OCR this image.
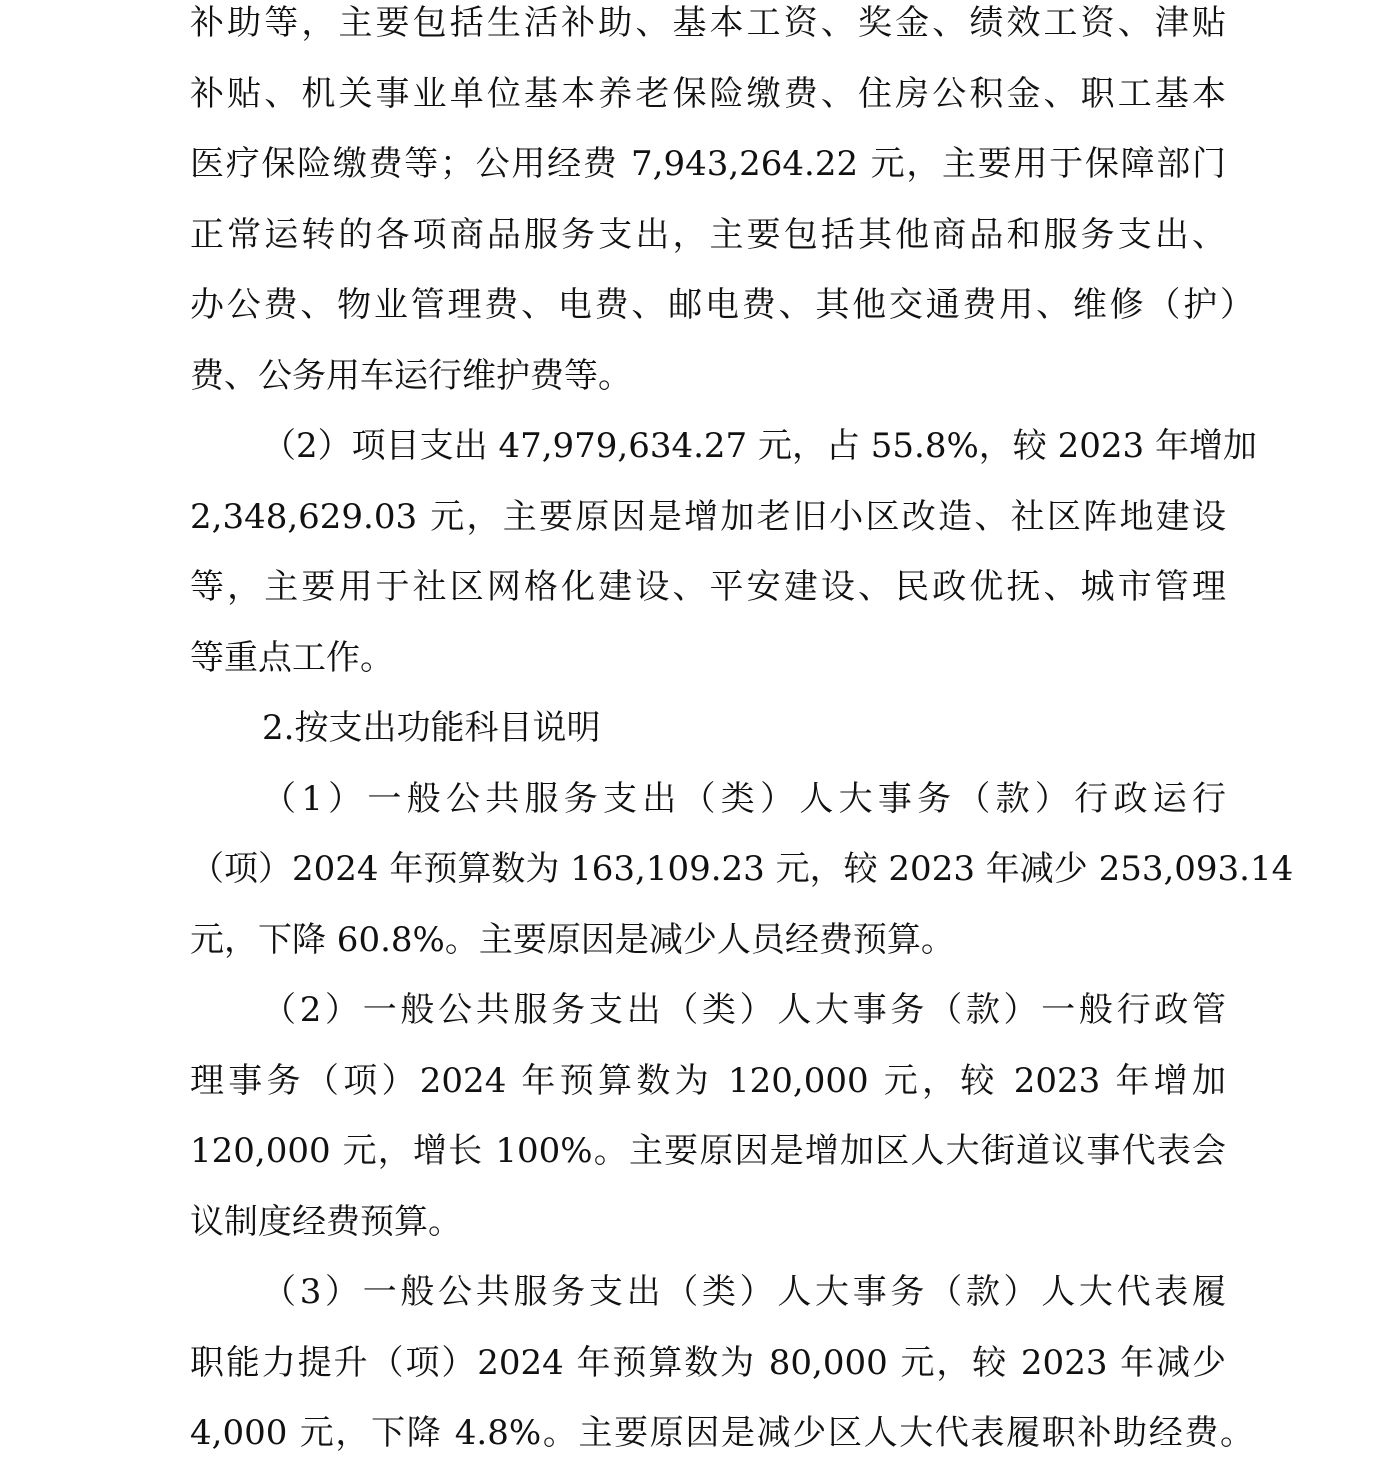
补助等，主要包括生活补助、基本工资、奖金、绩效工资、津贴
补贴、机关事业单位基本养老保险缴费、住房公积金、职工基本
医疗保险缴费等；公用经费 7,943,264.22 元，主要用于保障部门
正常运转的各项商品服务支出，主要包括其他商品和服务支出、
办公费、物业管理费、电费、邮电费、其他交通费用、维修（护）
费、公务用车运行维护费等。
（2）项目支出 47,979,634.27 元，占 55.8%，较 2023 年增加
2,348,629.03 元，主要原因是增加老旧小区改造、社区阵地建设
等，主要用于社区网格化建设、平安建设、民政优抚、城市管理
等重点工作。
2.按支出功能科目说明
（1）一般公共服务支出（类）人大事务（款）行政运行
（项）2024 年预算数为 163,109.23 元，较 2023 年减少 253,093.14
元，下降 60.8%。主要原因是减少人员经费预算。
（2）一般公共服务支出（类）人大事务（款）一般行政管
理事务（项）2024 年预算数为 120,000 元，较 2023 年增加
120,000 元，增长 100%。主要原因是增加区人大街道议事代表会
议制度经费预算。
（3）一般公共服务支出（类）人大事务（款）人大代表履
职能力提升（项）2024 年预算数为 80,000 元，较 2023 年减少
4,000 元，下降 4.8%。主要原因是减少区人大代表履职补助经费。
